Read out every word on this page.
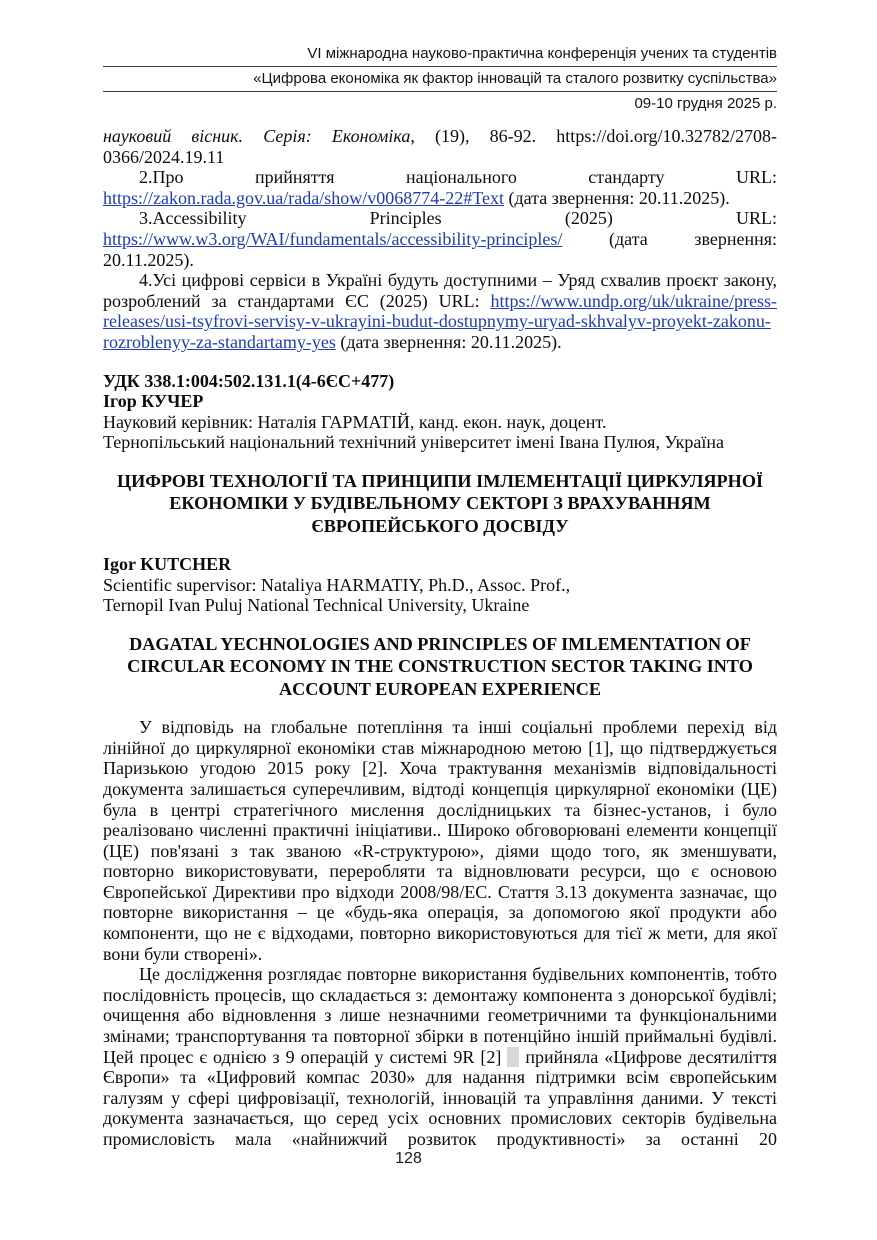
VI міжнародна науково-практична конференція учених та студентів
«Цифрова економіка як фактор інновацій та сталого розвитку суспільства»
09-10 грудня 2025 р.

науковий вісник. Серія: Економіка, (19), 86-92. https://doi.org/10.32782/2708-0366/2024.19.11

2.Про прийняття національного стандарту URL: https://zakon.rada.gov.ua/rada/show/v0068774-22#Text (дата звернення: 20.11.2025).

3.Accessibility Principles (2025) URL: https://www.w3.org/WAI/fundamentals/accessibility-principles/ (дата звернення: 20.11.2025).

4.Усі цифрові сервіси в Україні будуть доступними – Уряд схвалив проєкт закону, розроблений за стандартами ЄС (2025) URL: https://www.undp.org/uk/ukraine/press-releases/usi-tsyfrovi-servisy-v-ukrayini-budut-dostupnymy-uryad-skhvalyv-proyekt-zakonu-rozroblenyy-za-standartamy-yes (дата звернення: 20.11.2025).

УДК 338.1:004:502.131.1(4-6ЄС+477)

Ігор КУЧЕР

Науковий керівник: Наталія ГАРМАТІЙ, канд. екон. наук, доцент.

Тернопільський національний технічний університет імені Івана Пулюя, Україна

ЦИФРОВІ ТЕХНОЛОГІЇ ТА ПРИНЦИПИ ІМЛЕМЕНТАЦІЇ ЦИРКУЛЯРНОЇ ЕКОНОМІКИ У БУДІВЕЛЬНОМУ СЕКТОРІ З ВРАХУВАННЯМ ЄВРОПЕЙСЬКОГО ДОСВІДУ

Igor KUTCHER

Scientific supervisor: Nataliya HARMATIY, Ph.D., Assoc. Prof.,

Ternopil Ivan Puluj National Technical University, Ukraine

DAGATAL YECHNOLOGIES AND PRINCIPLES OF IMLEMENTATION OF CIRCULAR ECONOMY IN THE CONSTRUCTION SECTOR TAKING INTO ACCOUNT EUROPEAN EXPERIENCE

У відповідь на глобальне потепління та інші соціальні проблеми перехід від лінійної до циркулярної економіки став міжнародною метою [1], що підтверджується Паризькою угодою 2015 року [2]. Хоча трактування механізмів відповідальності документа залишається суперечливим, відтоді концепція циркулярної економіки (ЦЕ) була в центрі стратегічного мислення дослідницьких та бізнес-установ, і було реалізовано численні практичні ініціативи.. Широко обговорювані елементи концепції (ЦЕ) пов'язані з так званою «R-структурою», діями щодо того, як зменшувати, повторно використовувати, переробляти та відновлювати ресурси, що є основою Європейської Директиви про відходи 2008/98/EC. Стаття 3.13 документа зазначає, що повторне використання – це «будь-яка операція, за допомогою якої продукти або компоненти, що не є відходами, повторно використовуються для тієї ж мети, для якої вони були створені».

Це дослідження розглядає повторне використання будівельних компонентів, тобто послідовність процесів, що складається з: демонтажу компонента з донорської будівлі; очищення або відновлення з лише незначними геометричними та функціональними змінами; транспортування та повторної збірки в потенційно іншій приймальні будівлі. Цей процес є однією з 9 операцій у системі 9R [2]    прийняла «Цифрове десятиліття Європи» та «Цифровий компас 2030» для надання підтримки всім європейським галузям у сфері цифровізації, технологій, інновацій та управління даними. У тексті документа зазначається, що серед усіх основних промислових секторів будівельна промисловість мала «найнижчий розвиток продуктивності» за останні 20

128
